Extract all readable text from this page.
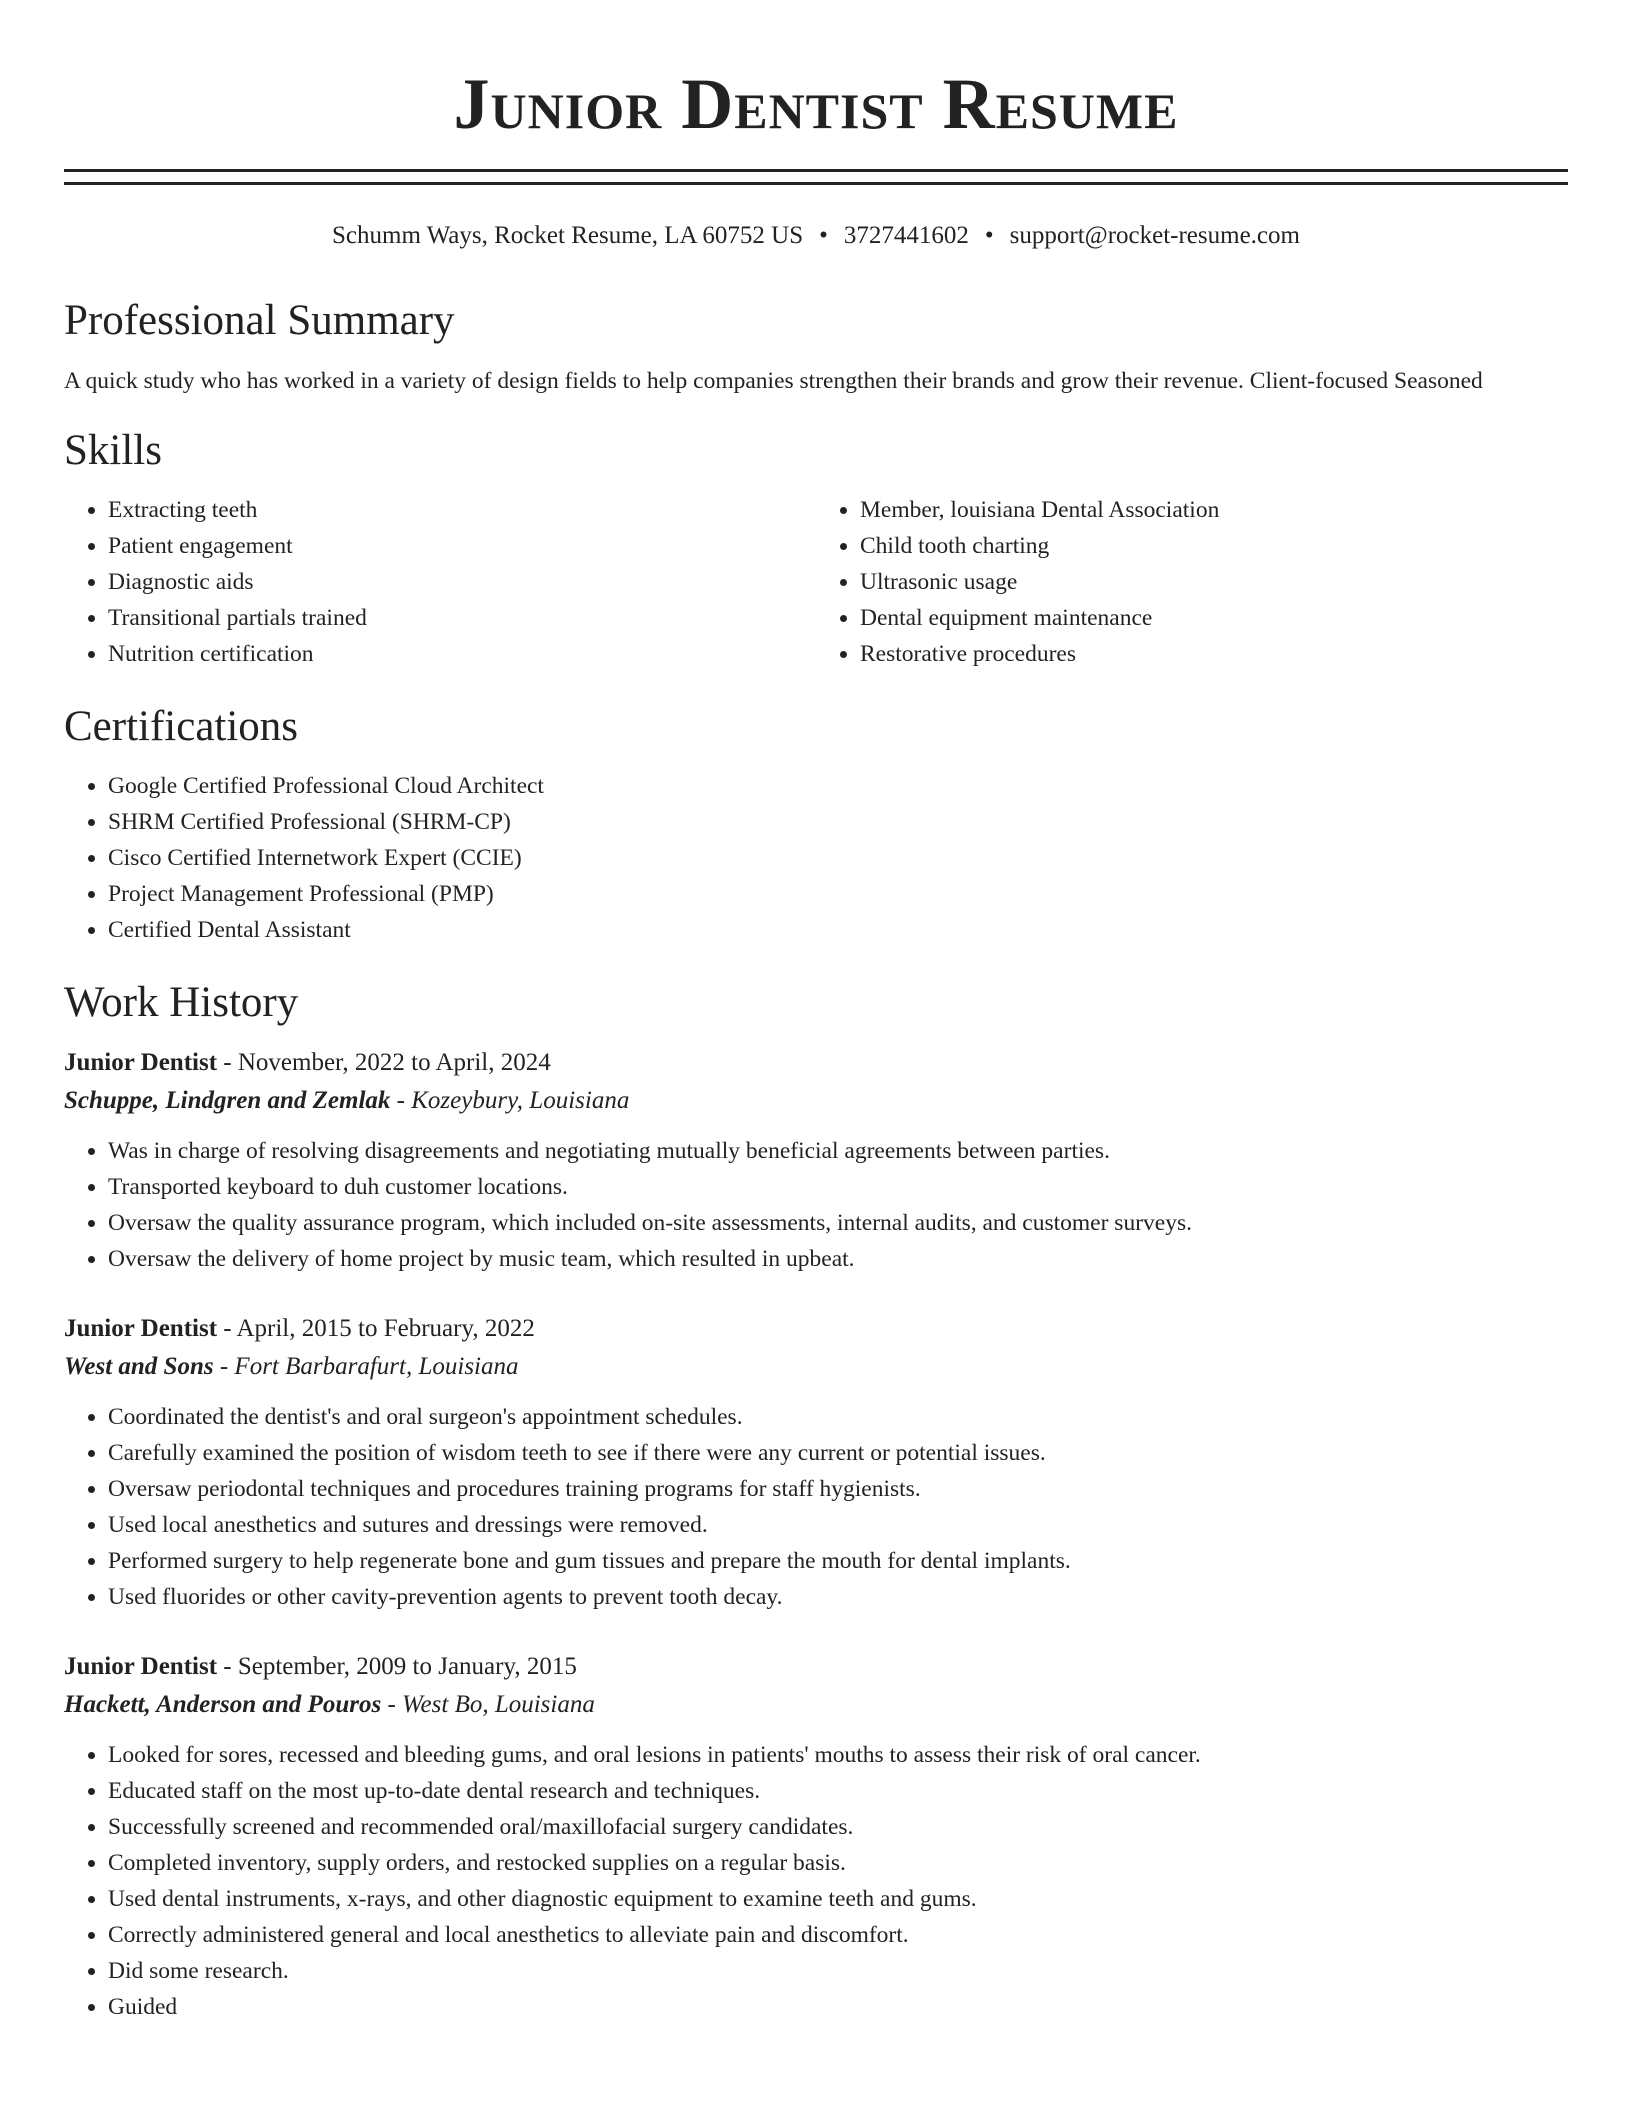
Junior Dentist Resume
Schumm Ways, Rocket Resume, LA 60752 US • 3727441602 • support@rocket-resume.com
Professional Summary
A quick study who has worked in a variety of design fields to help companies strengthen their brands and grow their revenue. Client-focused Seasoned
Skills
• Extracting teeth
• Patient engagement
• Diagnostic aids
• Transitional partials trained
• Nutrition certification
• Member, louisiana Dental Association
• Child tooth charting
• Ultrasonic usage
• Dental equipment maintenance
• Restorative procedures
Certifications
• Google Certified Professional Cloud Architect
• SHRM Certified Professional (SHRM-CP)
• Cisco Certified Internetwork Expert (CCIE)
• Project Management Professional (PMP)
• Certified Dental Assistant
Work History
Junior Dentist - November, 2022 to April, 2024
Schuppe, Lindgren and Zemlak - Kozeybury, Louisiana
• Was in charge of resolving disagreements and negotiating mutually beneficial agreements between parties.
• Transported keyboard to duh customer locations.
• Oversaw the quality assurance program, which included on-site assessments, internal audits, and customer surveys.
• Oversaw the delivery of home project by music team, which resulted in upbeat.
Junior Dentist - April, 2015 to February, 2022
West and Sons - Fort Barbarafurt, Louisiana
• Coordinated the dentist's and oral surgeon's appointment schedules.
• Carefully examined the position of wisdom teeth to see if there were any current or potential issues.
• Oversaw periodontal techniques and procedures training programs for staff hygienists.
• Used local anesthetics and sutures and dressings were removed.
• Performed surgery to help regenerate bone and gum tissues and prepare the mouth for dental implants.
• Used fluorides or other cavity-prevention agents to prevent tooth decay.
Junior Dentist - September, 2009 to January, 2015
Hackett, Anderson and Pouros - West Bo, Louisiana
• Looked for sores, recessed and bleeding gums, and oral lesions in patients' mouths to assess their risk of oral cancer.
• Educated staff on the most up-to-date dental research and techniques.
• Successfully screened and recommended oral/maxillofacial surgery candidates.
• Completed inventory, supply orders, and restocked supplies on a regular basis.
• Used dental instruments, x-rays, and other diagnostic equipment to examine teeth and gums.
• Correctly administered general and local anesthetics to alleviate pain and discomfort.
• Did some research.
• Guided
